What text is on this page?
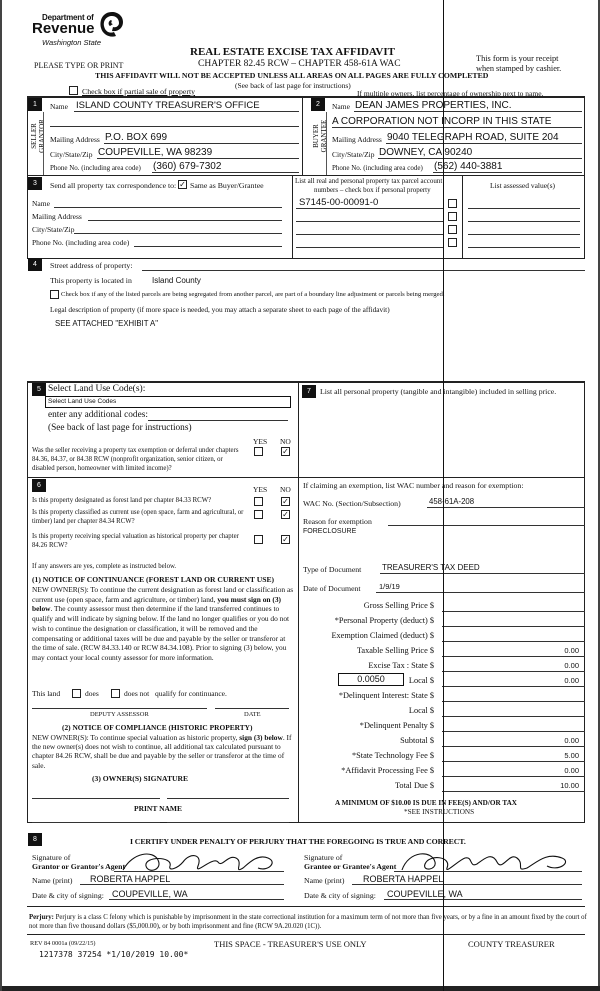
Department of
Revenue
Washington State
PLEASE TYPE OR PRINT
REAL ESTATE EXCISE TAX AFFIDAVIT
CHAPTER 82.45 RCW – CHAPTER 458-61A WAC
THIS AFFIDAVIT WILL NOT BE ACCEPTED UNLESS ALL AREAS ON ALL PAGES ARE FULLY COMPLETED
(See back of last page for instructions)
This form is your receipt
when stamped by cashier.
Check box if partial sale of property	If multiple owners, list percentage of ownership next to name.
1
SELLER
GRANTOR
Name ISLAND COUNTY TREASURER'S OFFICE
Mailing Address P.O. BOX 699
City/State/Zip COUPEVILLE, WA 98239
Phone No. (including area code) (360) 679-7302
2
BUYER
GRANTEE
Name DEAN JAMES PROPERTIES, INC.
A CORPORATION NOT INCORP IN THIS STATE
Mailing Address 9040 TELEGRAPH ROAD, SUITE 204
City/State/Zip DOWNEY, CA 90240
Phone No. (including area code) (562) 440-3881
3	Send all property tax correspondence to: ✓ Same as Buyer/Grantee
Name
Mailing Address
City/State/Zip
Phone No. (including area code)
List all real and personal property tax parcel account
numbers – check box if personal property	List assessed value(s)
S7145-00-00091-0
4	Street address of property:
This property is located in	Island County
Check box if any of the listed parcels are being segregated from another parcel, are part of a boundary line adjustment or parcels being merged.
Legal description of property (if more space is needed, you may attach a separate sheet to each page of the affidavit)
SEE ATTACHED "EXHIBIT A"
5 Select Land Use Code(s):
Select Land Use Codes
enter any additional codes:
(See back of last page for instructions)
YES NO
Was the seller receiving a property tax exemption or deferral under chapters 84.36, 84.37, or 84.38 RCW (nonprofit organization, senior citizen, or disabled person, homeowner with limited income)?
✓
6	YES NO
Is this property designated as forest land per chapter 84.33 RCW?	✓
Is this property classified as current use (open space, farm and agricultural, or timber) land per chapter 84.34 RCW?
✓
Is this property receiving special valuation as historical property per chapter 84.26 RCW?
✓
If any answers are yes, complete as instructed below.
(1) NOTICE OF CONTINUANCE (FOREST LAND OR CURRENT USE)
NEW OWNER(S): To continue the current designation as forest land or classification as current use (open space, farm and agriculture, or timber) land, you must sign on (3) below. The county assessor must then determine if the land transferred continues to qualify and will indicate by signing below. If the land no longer qualifies or you do not wish to continue the designation or classification, it will be removed and the compensating or additional taxes will be due and payable by the seller or transferor at the time of sale. (RCW 84.33.140 or RCW 84.34.108). Prior to signing (3) below, you may contact your local county assessor for more information.
This land	does	does not qualify for continuance.
DEPUTY ASSESSOR	DATE
(2) NOTICE OF COMPLIANCE (HISTORIC PROPERTY)
NEW OWNER(S): To continue special valuation as historic property, sign (3) below. If the new owner(s) does not wish to continue, all additional tax calculated pursuant to chapter 84.26 RCW, shall be due and payable by the seller or transferor at the time of sale.
(3) OWNER(S) SIGNATURE
PRINT NAME
7	List all personal property (tangible and intangible) included in selling price.
If claiming an exemption, list WAC number and reason for exemption:
WAC No. (Section/Subsection)	458-61A-208
Reason for exemption
FORECLOSURE
Type of Document	TREASURER'S TAX DEED
Date of Document 1/9/19
Gross Selling Price $
*Personal Property (deduct) $
Exemption Claimed (deduct) $
Taxable Selling Price $	0.00
Excise Tax : State $	0.00
0.0050	Local $	0.00
*Delinquent Interest: State $
Local $
*Delinquent Penalty $
Subtotal $	0.00
*State Technology Fee $	5.00
*Affidavit Processing Fee $	0.00
Total Due $	10.00
A MINIMUM OF $10.00 IS DUE IN FEE(S) AND/OR TAX
*SEE INSTRUCTIONS
8	I CERTIFY UNDER PENALTY OF PERJURY THAT THE FOREGOING IS TRUE AND CORRECT.
Signature of
Grantor or Grantor's Agent
Name (print) ROBERTA HAPPEL
Date & city of signing: COUPEVILLE, WA
Signature of
Grantee or Grantee's Agent
Name (print) ROBERTA HAPPEL
Date & city of signing: COUPEVILLE, WA
Perjury: Perjury is a class C felony which is punishable by imprisonment in the state correctional institution for a maximum term of not more than five years, or by a fine in an amount fixed by the court of not more than five thousand dollars ($5,000.00), or by both imprisonment and fine (RCW 9A.20.020 (1C)).
REV 84 0001a (09/22/15)	THIS SPACE - TREASURER'S USE ONLY	COUNTY TREASURER
1217378 37254 *1/10/2019 10.00*
